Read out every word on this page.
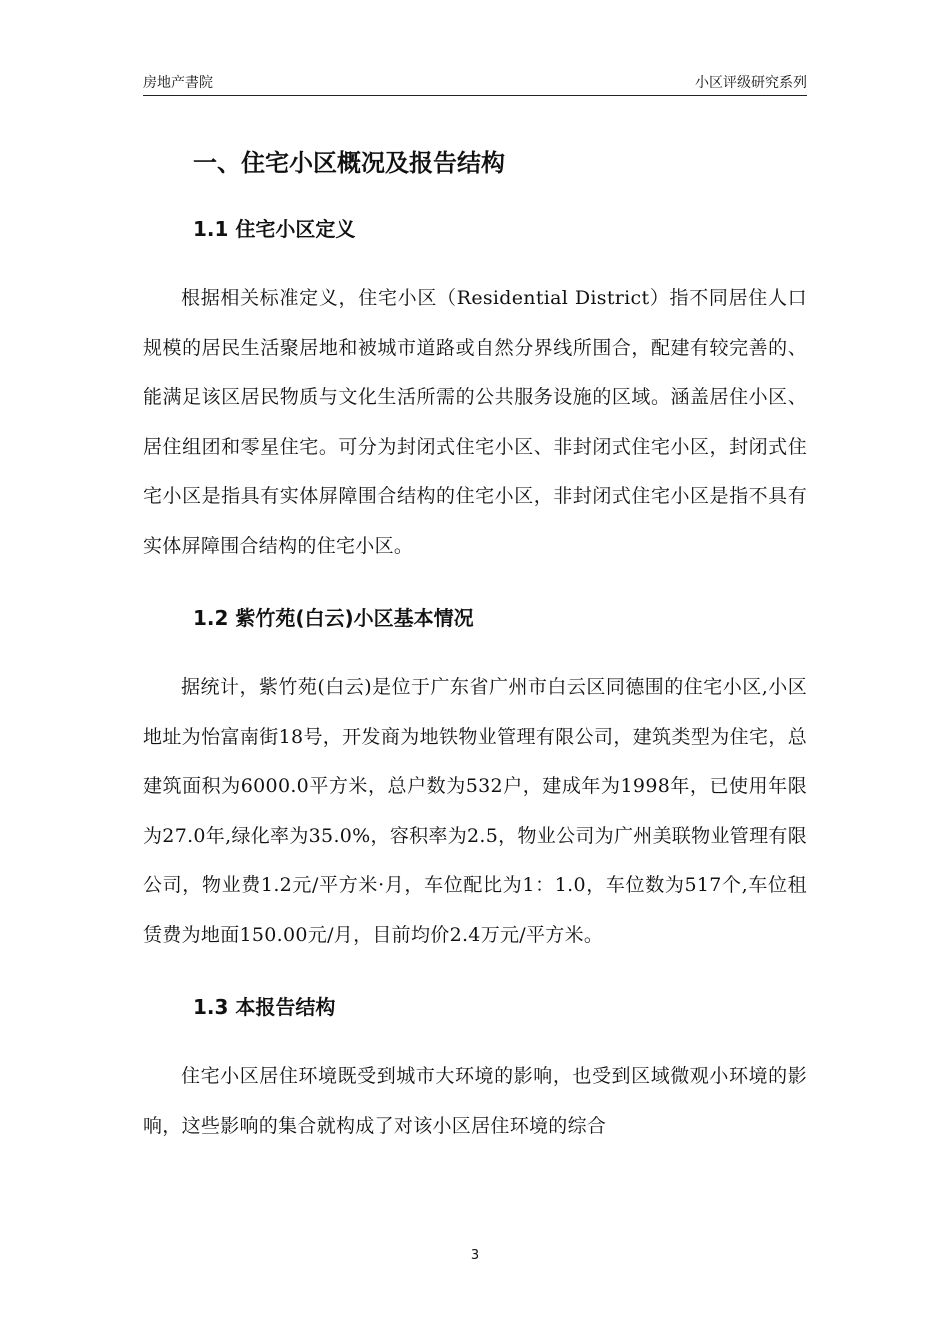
房地产書院	小区评级研究系列
一、住宅小区概况及报告结构
1.1 住宅小区定义

根据相关标准定义，住宅小区（Residential District）指不同居住人口规模的居民生活聚居地和被城市道路或自然分界线所围合，配建有较完善的、能满足该区居民物质与文化生活所需的公共服务设施的区域。涵盖居住小区、居住组团和零星住宅。可分为封闭式住宅小区、非封闭式住宅小区，封闭式住宅小区是指具有实体屏障围合结构的住宅小区，非封闭式住宅小区是指不具有实体屏障围合结构的住宅小区。

1.2 紫竹苑(白云)小区基本情况

据统计，紫竹苑(白云)是位于广东省广州市白云区同德围的住宅小区,小区地址为怡富南街18号，开发商为地铁物业管理有限公司，建筑类型为住宅，总建筑面积为6000.0平方米，总户数为532户，建成年为1998年，已使用年限为27.0年,绿化率为35.0%，容积率为2.5，物业公司为广州美联物业管理有限公司，物业费1.2元/平方米·月，车位配比为1：1.0，车位数为517个,车位租赁费为地面150.00元/月，目前均价2.4万元/平方米。

1.3 本报告结构

住宅小区居住环境既受到城市大环境的影响，也受到区域微观小环境的影响，这些影响的集合就构成了对该小区居住环境的综合

3
